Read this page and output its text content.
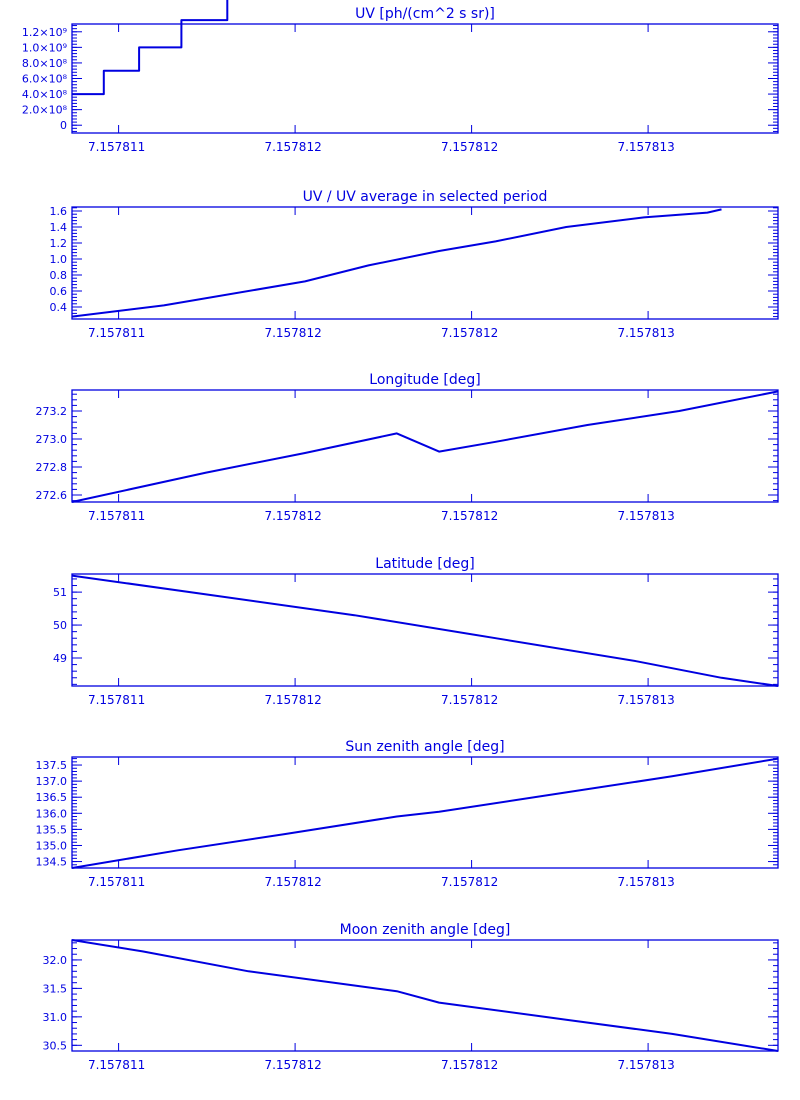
UV [ph/(cm^2 s sr)]
0
2.0×10⁸
4.0×10⁸
6.0×10⁸
8.0×10⁸
1.0×10⁹
1.2×10⁹
7.157811	7.157812	7.157812	7.157813
UV / UV average in selected period
0.4
0.6
0.8
1.0
1.2
1.4
1.6
7.157811	7.157812	7.157812	7.157813
Longitude [deg]
272.6
272.8
273.0
273.2
7.157811	7.157812	7.157812	7.157813
Latitude [deg]
49
50
51
7.157811	7.157812	7.157812	7.157813
Sun zenith angle [deg]
134.5
135.0
135.5
136.0
136.5
137.0
137.5
7.157811	7.157812	7.157812	7.157813
Moon zenith angle [deg]
30.5
31.0
31.5
32.0
7.157811	7.157812	7.157812	7.157813
